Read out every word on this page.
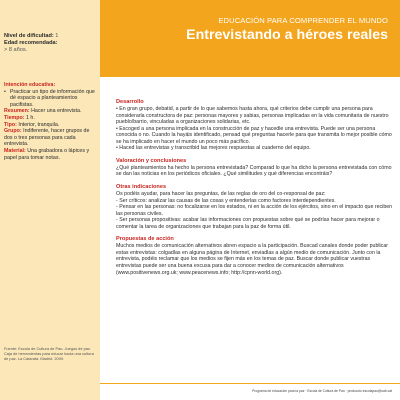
EDUCACIÓN PARA COMPRENDER EL MUNDO
Entrevistando a héroes reales
Nivel de dificultad: 1
Edad recomendada:
> 8 años.
Intención educativa:
• Practicar un tipo de información que dé espacio a planteamientos pacifistas.
Resumen: Hacer una entrevista.
Tiempo: 1 h.
Tipo: Interior, tranquila.
Grupo: Indiferente, hacer grupos de dos o tres personas para cada entrevista.
Material: Una grabadora o lápices y papel para tomar notas.
Fuente: Escola de Cultura de Pau. Juegos de paz. Caja de herramientas para educar hacia una cultura de paz. La Catarata. Madrid. 2009.
Desarrollo

• En gran grupo, debatid, a partir de lo que sabemos hasta ahora, qué criterios debe cumplir una persona para considerarla constructora de paz: personas mayores y sabias, personas implicadas en la vida comunitaria de nuestro pueblo/barrio, vinculadas a organizaciones solidarias, etc.

• Escoged a una persona implicada en la construcción de paz y hacedle una entrevista. Puede ser una persona conocida o no. Cuando la hayáis identificado, pensad qué preguntas hacerle para que transmita lo mejor posible cómo se ha implicado en hacer el mundo un poco más pacífico.

• Haced las entrevistas y transcribid las mejores respuestas al cuaderno del equipo.

Valoración y conclusiones

¿Qué planteamientos ha hecho la persona entrevistada? Comparad lo que ha dicho la persona entrevistada con cómo se dan las noticias en los periódicos oficiales. ¿Qué similitudes y qué diferencias encontráis?

Otras indicaciones

Os podéis ayudar, para hacer las preguntas, de las reglas de oro del co-responsal de paz:

- Ser críticos: analizar las causas de las cosas y entenderlas como factores interdependientes.

- Pensar en las personas: no focalizarse en los estados, ni en la acción de los ejércitos, sino en el impacto que reciben las personas civiles.

- Ser personas propositivas: acabar las informaciones con propuestas sobre qué se podrías hacer para mejorar o comentar la tarea de organizaciones que trabajan para la paz de forma útil.

Propuestas de acción

Muchos medios de comunicación alternativos abren espacio a la participación. Buscad canales donde poder publicar estas entrevistas: colgadlas en alguna página de Internet, enviadlas a algún medio de comunicación. Junto con la entrevista, podéis reclamar que los medios se fijen más en los temas de paz. Buscar donde publicar vuestras entrevistas puede ser una buena excusa para dar a conocer medios de comunicación alternativos (www.positivenews.org.uk; www.peacenews.info; http://cpnn-world.org).

Programa de educación para la paz · Escola de Cultura de Pau · produccio.escolapau@uab.cat
